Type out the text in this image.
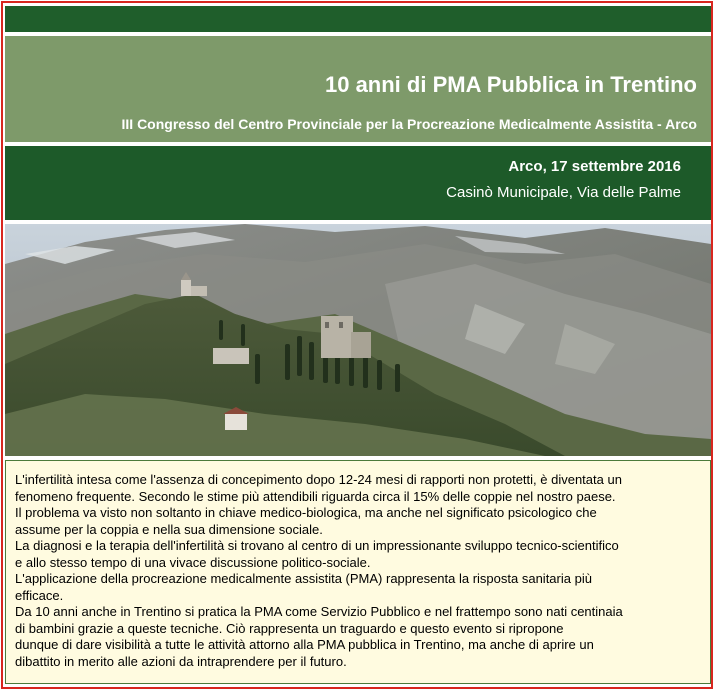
10 anni di PMA Pubblica in Trentino
III Congresso del Centro Provinciale per la Procreazione Medicalmente Assistita - Arco
Arco, 17 settembre 2016
Casinò Municipale, Via delle Palme

L'infertilità intesa come l'assenza di concepimento dopo 12-24 mesi di rapporti non protetti, è diventata un
fenomeno frequente. Secondo le stime più attendibili riguarda circa il 15% delle coppie nel nostro paese.

Il problema va visto non soltanto in chiave medico-biologica, ma anche nel significato psicologico che
assume per la coppia e nella sua dimensione sociale.

La diagnosi e la terapia dell'infertilità si trovano al centro di un impressionante sviluppo tecnico-scientifico
e allo stesso tempo di una vivace discussione politico-sociale.

L'applicazione della procreazione medicalmente assistita (PMA) rappresenta la risposta sanitaria più
efficace.

Da 10 anni anche in Trentino si pratica la PMA come Servizio Pubblico e nel frattempo sono nati centinaia
di bambini grazie a queste tecniche. Ciò rappresenta un traguardo e questo evento si ripropone
dunque di dare visibilità a tutte le attività attorno alla PMA pubblica in Trentino, ma anche di aprire un
dibattito in merito alle azioni da intraprendere per il futuro.
